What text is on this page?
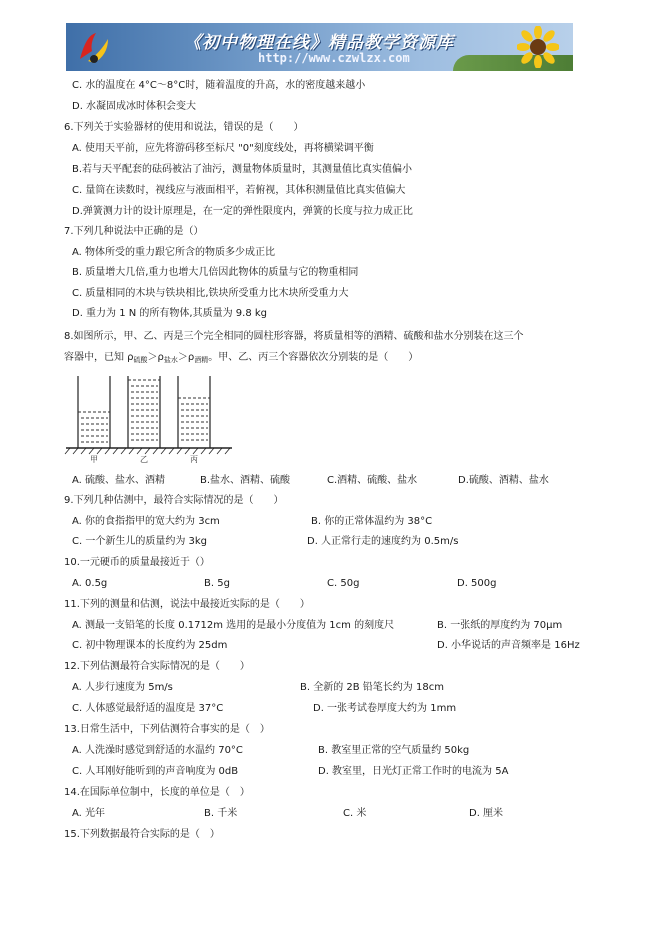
《初中物理在线》精品教学资源库
http://www.czwlzx.com
C. 水的温度在 4°C～8°C时，随着温度的升高，水的密度越来越小
D. 水凝固成冰时体积会变大
6.下列关于实验器材的使用和说法，错误的是（　　）
A. 使用天平前，应先将游码移至标尺 "0"刻度线处，再将横梁调平衡
B.若与天平配套的砝码被沾了油污，测量物体质量时，其测量值比真实值偏小
C. 量筒在读数时，视线应与液面相平，若俯视，其体积测量值比真实值偏大
D.弹簧测力计的设计原理是，在一定的弹性限度内，弹簧的长度与拉力成正比
7.下列几种说法中正确的是（）
A. 物体所受的重力跟它所含的物质多少成正比
B. 质量增大几倍,重力也增大几倍因此物体的质量与它的物重相同
C. 质量相同的木块与铁块相比,铁块所受重力比木块所受重力大
D. 重力为 1 N 的所有物体,其质量为 9.8 kg
8.如图所示，甲、乙、丙是三个完全相同的圆柱形容器，将质量相等的酒精、硫酸和盐水分别装在这三个
容器中，已知 $\rho_{硫酸}>\rho_{盐水}>\rho_{酒精}$。甲、乙、丙三个容器依次分别装的是（　　）
甲	乙	丙
A. 硫酸、盐水、酒精	B.盐水、酒精、硫酸	C.酒精、硫酸、盐水	D.硫酸、酒精、盐水
9.下列几种估测中，最符合实际情况的是（　　）
A. 你的食指指甲的宽大约为 3cm	B. 你的正常体温约为 38°C
C. 一个新生儿的质量约为 3kg	D. 人正常行走的速度约为 0.5m/s
10.一元硬币的质量最接近于（）
A. 0.5g	B. 5g	C. 50g	D. 500g
11.下列的测量和估测，说法中最接近实际的是（　　）
A. 测最一支铅笔的长度 0.1712m 选用的是最小分度值为 1cm 的刻度尺	B. 一张纸的厚度约为 70μm
C. 初中物理课本的长度约为 25dm	D. 小华说话的声音频率是 16Hz
12.下列估测最符合实际情况的是（　　）
A. 人步行速度为 5m/s	B. 全新的 2B 铅笔长约为 18cm
C. 人体感觉最舒适的温度是 37°C	D. 一张考试卷厚度大约为 1mm
13.日常生活中，下列估测符合事实的是（　）
A. 人洗澡时感觉到舒适的水温约 70°C	B. 教室里正常的空气质量约 50kg
C. 人耳刚好能听到的声音响度为 0dB	D. 教室里，日光灯正常工作时的电流为 5A
14.在国际单位制中，长度的单位是（　）
A. 光年	B. 千米	C. 米	D. 厘米
15.下列数据最符合实际的是（　）
